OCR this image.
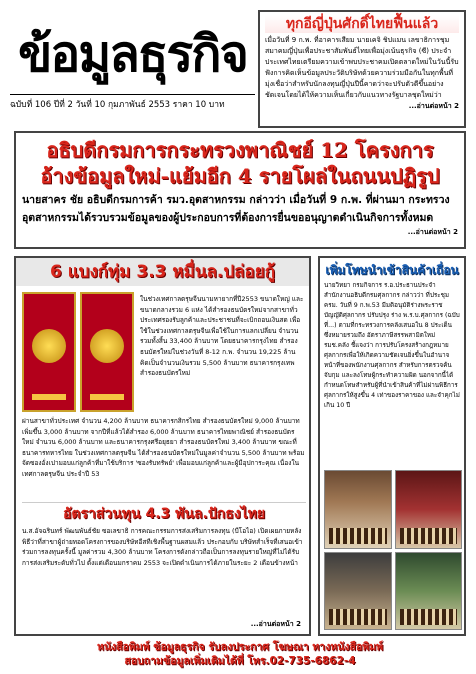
ข้อมูลธุรกิจ
ฉบับที่ 106 ปีที่ 2 วันที่ 10 กุมภาพันธ์ 2553 ราคา 10 บาท
ทุกอีญี่ปุ่นศักดิ์ไทยฟื้นแล้ว
เมื่อวันที่ 9 ก.พ. ที่อาคารเสียม นายเคจิ ชิปแมน เลขาธิการชุมสมาคมญี่ปุ่นเพื่อประชาสัมพันธ์ไทยเพื่อมุ่งเน้นธุรกิจ (ซี) ประจำประเทศไทยเตรียมความเข้าพบประชาคมเปิดตลาดใหม่ในวันนี้รับฟังการคิดเห็นข้อมูลประวัติบริษัทด้วยความร่วมมือกันในทุกพื้นที่มุ่งเชื่อว่าสำหรับนักลงทุนญี่ปุ่นปีนี้คาดว่าจะปรับตัวดีขึ้นอย่างชัดเจนโดยได้ให้ความเห็นเกี่ยวกับแนวทางรัฐบาลชุดใหม่ว่า
...อ่านต่อหน้า 2
อธิบดีกรมการกระทรวงพาณิชย์ 12 โครงการ
อ้างข้อมูลใหม่-แย้มอีก 4 รายโผล่ในถนนปฏิรูป
นายสาคร ชัย อธิบดีกรมการค้า รมว.อุตสาหกรรม กล่าวว่า เมื่อวันที่ 9 ก.พ. ที่ผ่านมา กระทรวงอุตสาหกรรมได้รวบรวมข้อมูลของผู้ประกอบการที่ต้องการยื่นขออนุญาตดำเนินกิจการทั้งหมด
...อ่านต่อหน้า 2
6 แบงก์ทุ่ม 3.3 หมื่นล.ปล่อยกู้
ในช่วงเทศกาลตรุษจีนนามหายากที่ปี2553 ขนาดใหญ่ และขนาดกลางรวม 6 แห่ง ได้สำรองธนบัตรใหม่จากสาขาทั่วประเทศรองรับลูกค้าและประชาชนที่จะเบิกถอนเงินสด เพื่อใช้ในช่วงเทศกาลตรุษจีนเพื่อใช้ในการแลกเปลี่ยน จำนวนรวมทั้งสิ้น 33,400 ล้านบาท โดยธนาคารกรุงไทย สำรองธนบัตรใหม่ในช่วงวันที่ 8-12 ก.พ. จำนวน 19,225 ล้าน คิดเป็นจำนวนเงินรวม 5,500 ล้านบาท ธนาคารกรุงเทพ สำรองธนบัตรใหม่
ผ่านสาขาทั่วประเทศ จำนวน 4,200 ล้านบาท ธนาคารกสิกรไทย สำรองธนบัตรใหม่ 9,000 ล้านบาท เพิ่มขึ้น 3,000 ล้านบาท จากปีที่แล้วได้สำรอง 6,000 ล้านบาท ธนาคารไทยพาณิชย์ สำรองธนบัตรใหม่ จำนวน 6,000 ล้านบาท และธนาคารกรุงศรีอยุธยา สำรองธนบัตรใหม่ 3,400 ล้านบาท ขณะที่ธนาคารทหารไทย ในช่วงเทศกาลตรุษจีน ได้สำรองธนบัตรใหม่ในมูลค่าจำนวน 5,500 ล้านบาท พร้อมจัดซองอั่งเปามอบแก่ลูกค้าที่มาใช้บริการ 'ซองรับทรัพย์' เพื่อมอบแก่ลูกค้าและผู้มีอุปการะคุณ เนื่องในเทศกาลตรุษจีน ประจำปี 53
อัตราส่วนทุน 4.3 พันล.ปักธงไทย
น.ส.อัจฉรินทร์ พัฒนพันธ์ชัย ซอเลขาธิ การคณะกรรมการส่งเสริมการลงทุน (บีโอไอ) เปิดเผยภายหลังพิธีว่าที่สาขาผู้ถ่ายทอดโครงการของบริษัทอีสทีเชิงพื้นฐานผสมแล้ว ประกอบกับ บริษัทสำเร็จที่เสนอเข้าร่วมการลงทุนครั้งนี้ มูลค่ารวม 4,300 ล้านบาท โครงการดังกล่าวถือเป็นการลงทุนรายใหญ่ที่ไม่ได้รับการส่งเสริมระดับทั่วไป ตั้งแต่เดือนมกราคม 2553 จะเปิดดำเนินการได้ภายในระยะ 2 เดือนข้างหน้า
...อ่านต่อหน้า 2
เพิ่มโทษนำเข้าสินค้าเถื่อน
นายวิทยา กรมกิจการ ร.อ.ประธานประจำสำนักงานอธิบดีกรมศุลกากร กล่าวว่า ที่ประชุม ครม. วันที่ 9 ก.พ.53 มีมติอนุมัติร่างพระราชบัญญัติศุลกากร ปรับปรุง ร่าง พ.ร.บ.ศุลกากร (ฉบับที่...) ตามที่กระทรวงการคลังเสนอใน 8 ประเด็น ซึ่งหมายรวมถึง อัตราภาษีสรรพสามิตใหม่ รมช.คลัง ชี้แจงว่า การปรับโครงสร้างกฎหมายศุลกากรเพื่อให้เกิดความชัดเจนยิ่งขึ้นในอำนาจหน้าที่ของพนักงานศุลกากร สำหรับการตรวจค้น จับกุม และลงโทษผู้กระทำความผิด นอกจากนี้ได้กำหนดโทษสำหรับผู้ที่นำเข้าสินค้าที่ไม่ผ่านพิธีการศุลกากรให้สูงขึ้น 4 เท่าของราคาของ และจำคุกไม่เกิน 10 ปี
หนังสือพิมพ์ ข้อมูลธุรกิจ รับลงประกาศ โฆษณา ทางหนังสือพิมพ์
สอบถามข้อมูลเพิ่มเติมได้ที่ โทร.02-735-6862-4
